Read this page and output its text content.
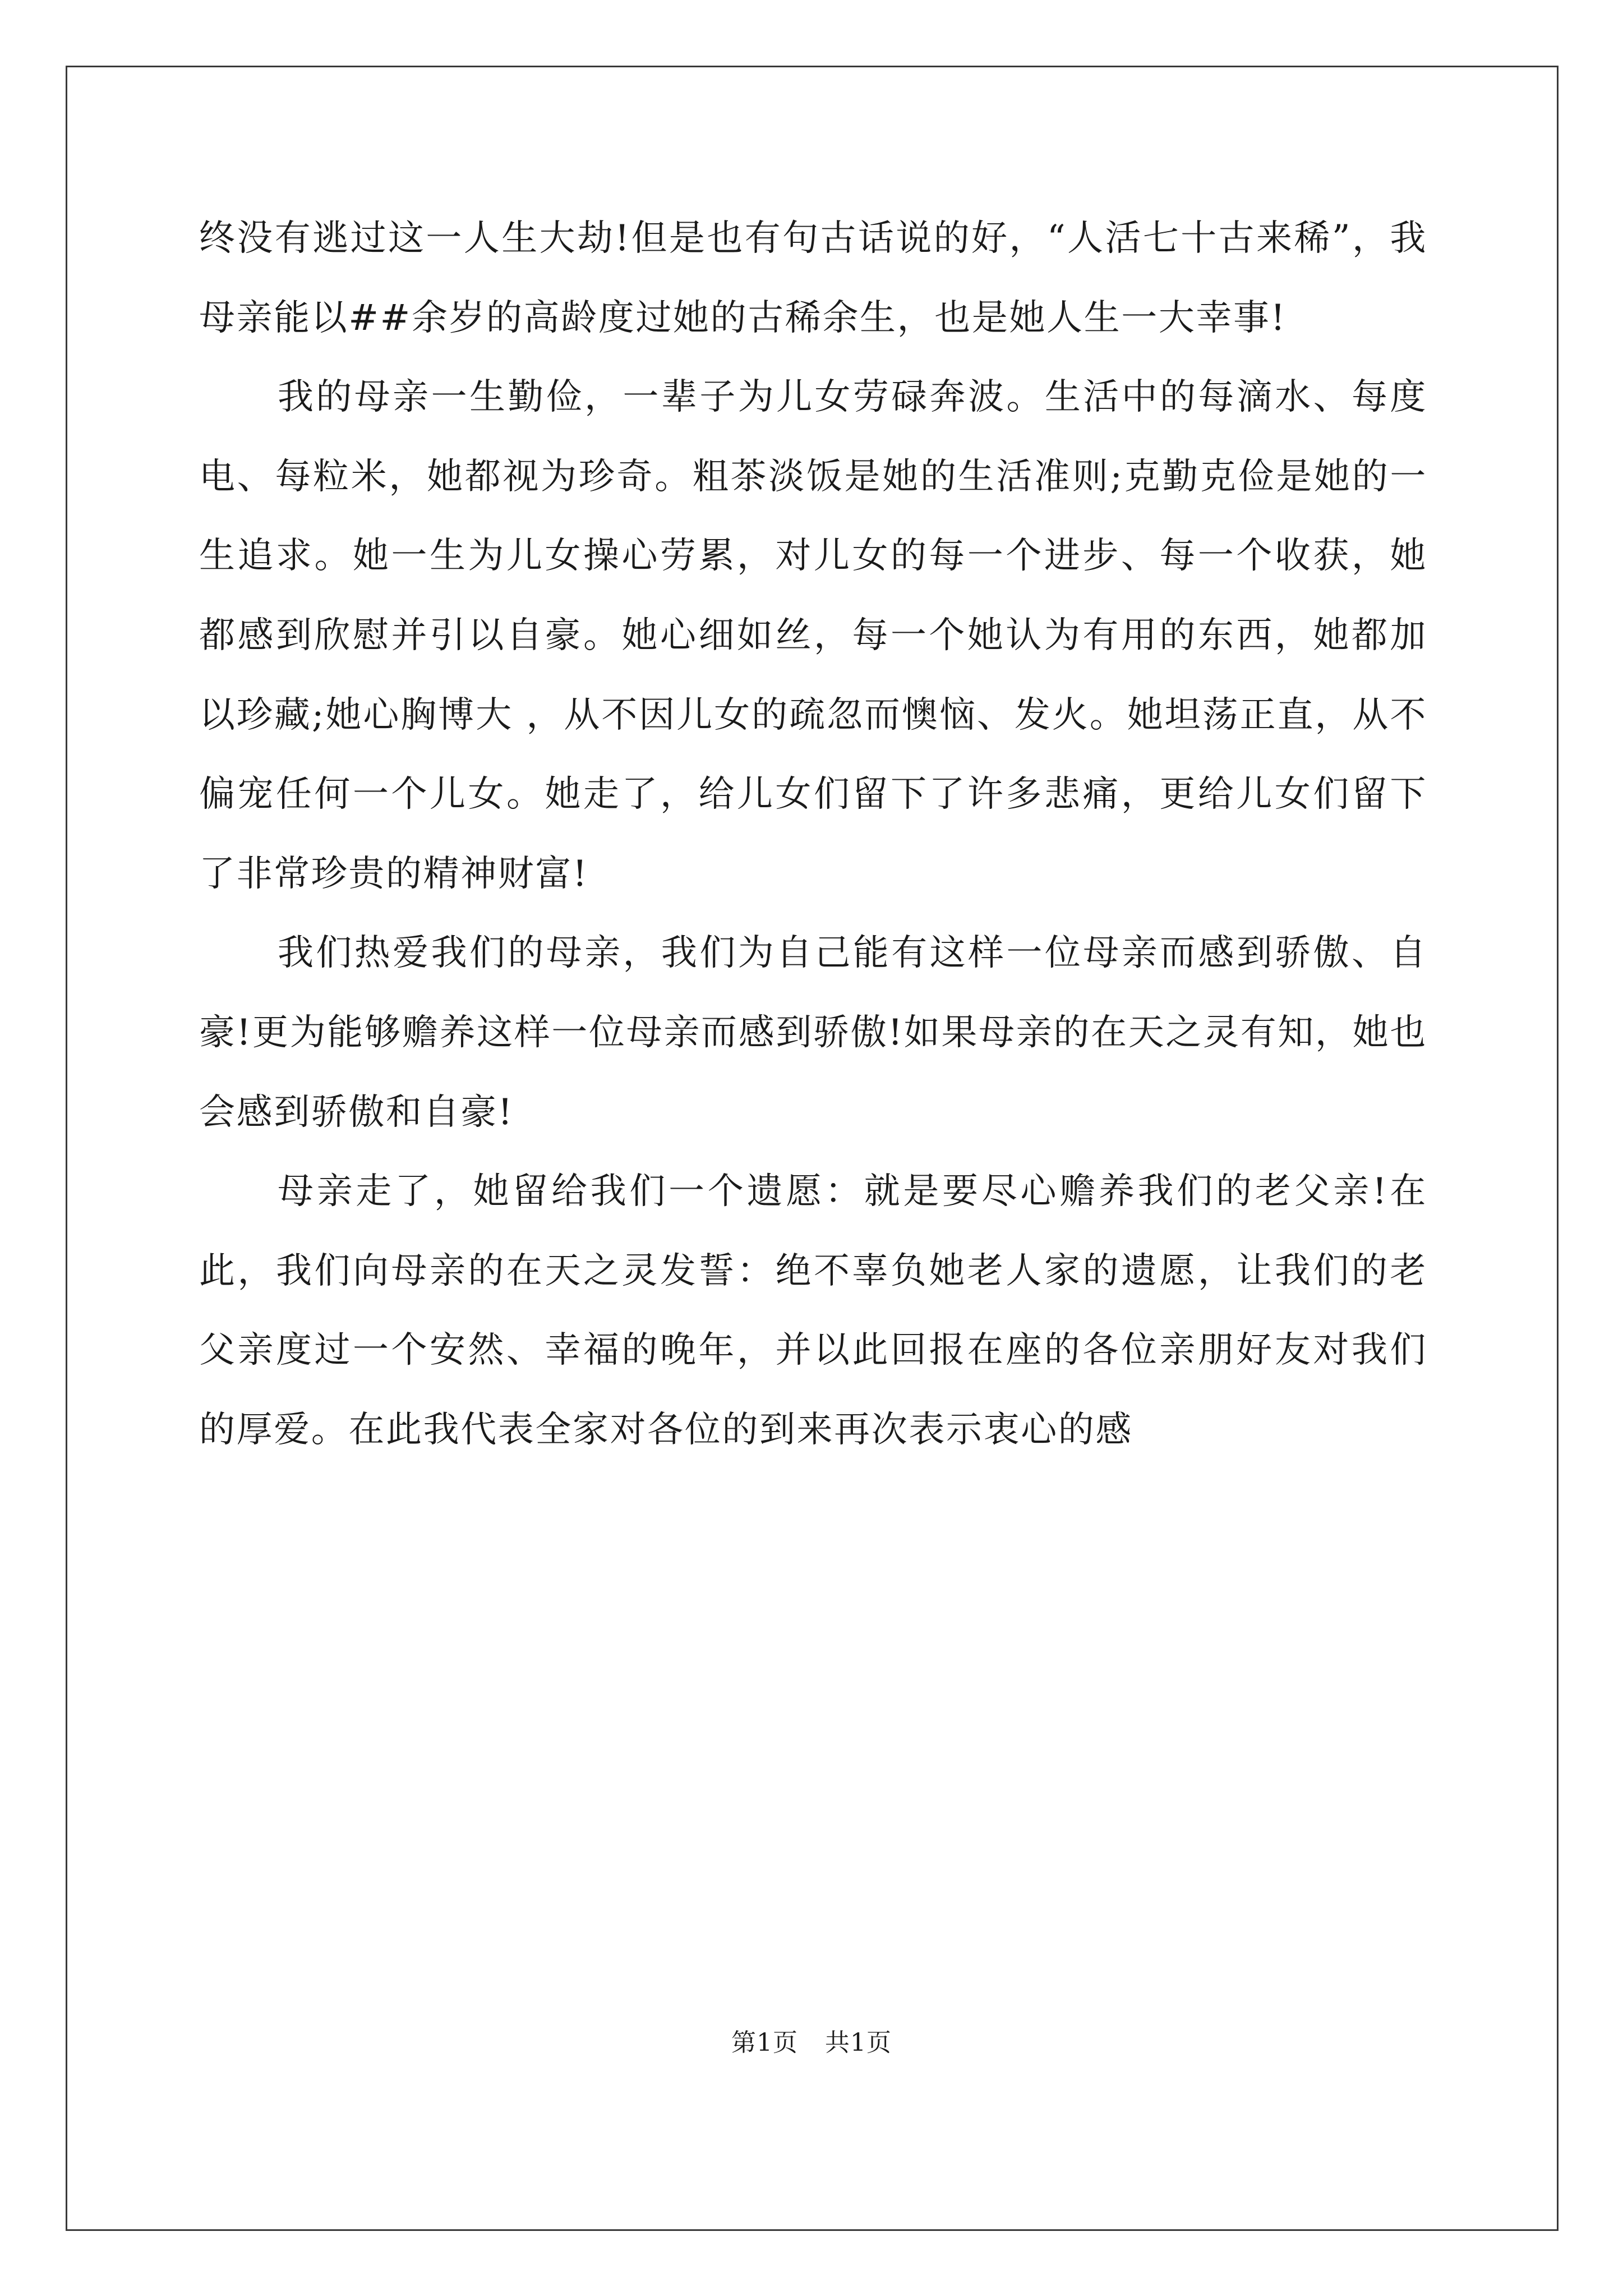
终没有逃过这一人生大劫!但是也有句古话说的好，“人活七十古来稀”，我母亲能以##余岁的高龄度过她的古稀余生，也是她人生一大幸事!

我的母亲一生勤俭，一辈子为儿女劳碌奔波。生活中的每滴水、每度电、每粒米，她都视为珍奇。粗茶淡饭是她的生活准则;克勤克俭是她的一生追求。她一生为儿女操心劳累，对儿女的每一个进步、每一个收获，她都感到欣慰并引以自豪。她心细如丝，每一个她认为有用的东西，她都加以珍藏;她心胸博大 ，从不因儿女的疏忽而懊恼、发火。她坦荡正直，从不偏宠任何一个儿女。她走了，给儿女们留下了许多悲痛，更给儿女们留下了非常珍贵的精神财富!

我们热爱我们的母亲，我们为自己能有这样一位母亲而感到骄傲、自豪!更为能够赡养这样一位母亲而感到骄傲!如果母亲的在天之灵有知，她也会感到骄傲和自豪!

母亲走了，她留给我们一个遗愿：就是要尽心赡养我们的老父亲!在此，我们向母亲的在天之灵发誓：绝不辜负她老人家的遗愿，让我们的老父亲度过一个安然、幸福的晚年，并以此回报在座的各位亲朋好友对我们的厚爱。在此我代表全家对各位的到来再次表示衷心的感

第1页 共1页
